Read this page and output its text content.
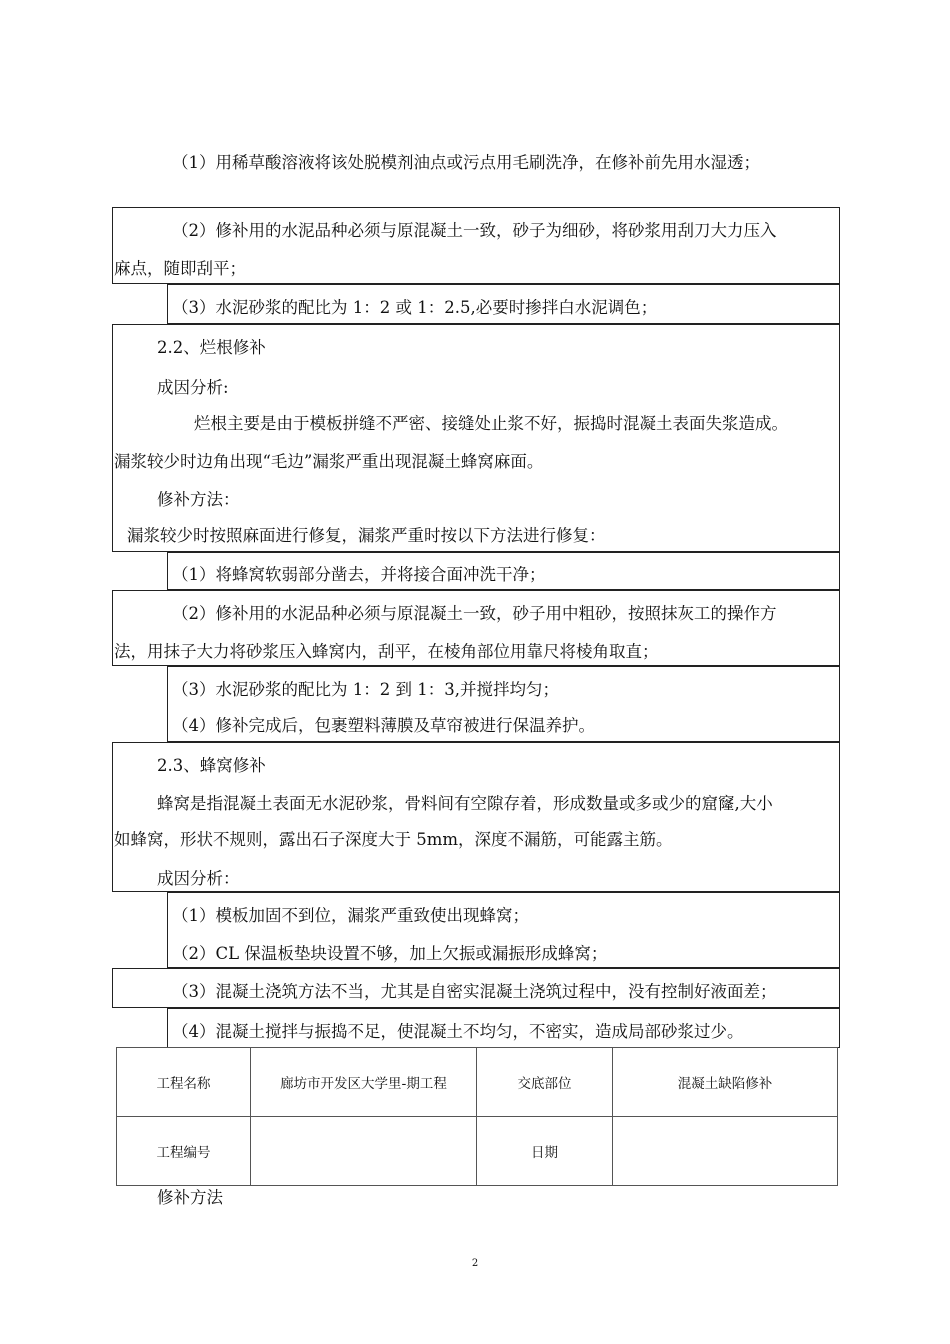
（1）用稀草酸溶液将该处脱模剂油点或污点用毛刷洗净，在修补前先用水湿透；
（2）修补用的水泥品种必须与原混凝土一致，砂子为细砂，将砂浆用刮刀大力压入
麻点，随即刮平；
（3）水泥砂浆的配比为 1：2 或 1：2.5,必要时掺拌白水泥调色；
2.2、烂根修补
成因分析:
烂根主要是由于模板拼缝不严密、接缝处止浆不好，振捣时混凝土表面失浆造成。
漏浆较少时边角出现“毛边”漏浆严重出现混凝土蜂窝麻面。
修补方法：
漏浆较少时按照麻面进行修复，漏浆严重时按以下方法进行修复：
（1）将蜂窝软弱部分凿去，并将接合面冲洗干净；
（2）修补用的水泥品种必须与原混凝土一致，砂子用中粗砂，按照抹灰工的操作方
法，用抹子大力将砂浆压入蜂窝内，刮平，在棱角部位用靠尺将棱角取直；
（3）水泥砂浆的配比为 1：2 到 1：3,并搅拌均匀；
（4）修补完成后，包裹塑料薄膜及草帘被进行保温养护。
2.3、蜂窝修补
蜂窝是指混凝土表面无水泥砂浆，骨料间有空隙存着，形成数量或多或少的窟窿,大小
如蜂窝，形状不规则，露出石子深度大于 5mm，深度不漏筋，可能露主筋。
成因分析：
（1）模板加固不到位，漏浆严重致使出现蜂窝；
（2）CL 保温板垫块设置不够，加上欠振或漏振形成蜂窝；
（3）混凝土浇筑方法不当，尤其是自密实混凝土浇筑过程中，没有控制好液面差；
（4）混凝土搅拌与振捣不足，使混凝土不均匀，不密实，造成局部砂浆过少。
工程名称	廊坊市开发区大学里-期工程	交底部位	混凝土缺陷修补
工程编号		日期	
修补方法
2
